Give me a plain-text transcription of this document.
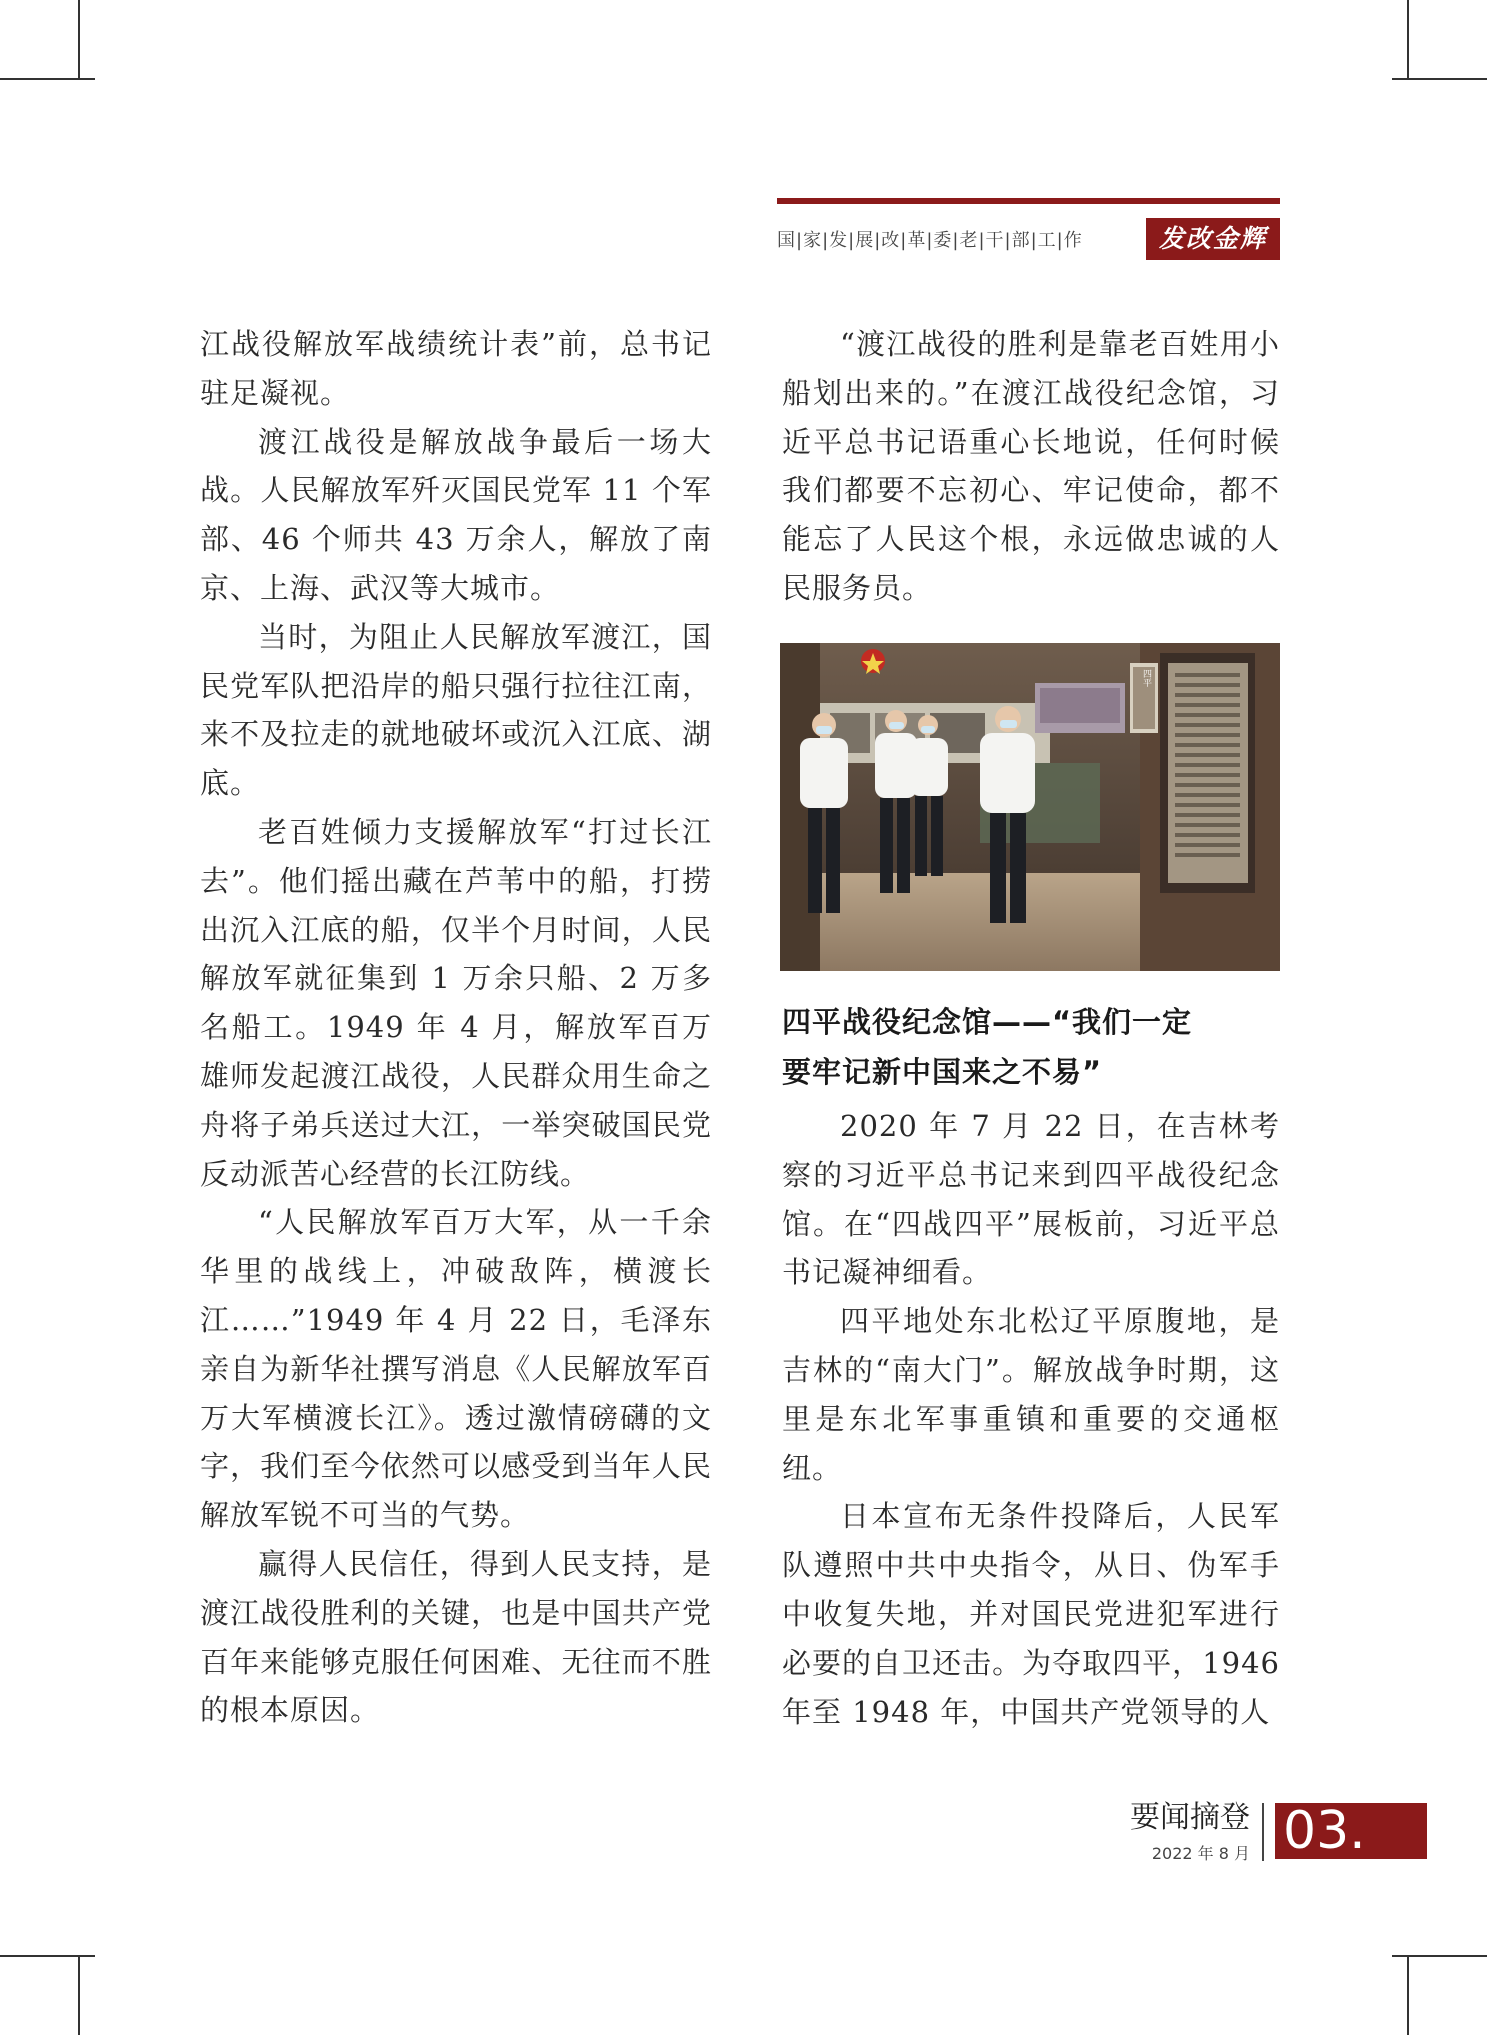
国|家|发|展|改|革|委|老|干|部|工|作	发改金辉

江战役解放军战绩统计表”前，总书记驻足凝视。

渡江战役是解放战争最后一场大战。人民解放军歼灭国民党军 11 个军部、46 个师共 43 万余人，解放了南京、上海、武汉等大城市。

当时，为阻止人民解放军渡江，国民党军队把沿岸的船只强行拉往江南，来不及拉走的就地破坏或沉入江底、湖底。

老百姓倾力支援解放军“打过长江去”。他们摇出藏在芦苇中的船，打捞出沉入江底的船，仅半个月时间，人民解放军就征集到 1 万余只船、2 万多名船工。1949 年 4 月，解放军百万雄师发起渡江战役，人民群众用生命之舟将子弟兵送过大江，一举突破国民党反动派苦心经营的长江防线。

“人民解放军百万大军，从一千余华里的战线上，冲破敌阵，横渡长江……”1949 年 4 月 22 日，毛泽东亲自为新华社撰写消息《人民解放军百万大军横渡长江》。透过激情磅礴的文字，我们至今依然可以感受到当年人民解放军锐不可当的气势。

赢得人民信任，得到人民支持，是渡江战役胜利的关键，也是中国共产党百年来能够克服任何困难、无往而不胜的根本原因。

“渡江战役的胜利是靠老百姓用小船划出来的。”在渡江战役纪念馆，习近平总书记语重心长地说，任何时候我们都要不忘初心、牢记使命，都不能忘了人民这个根，永远做忠诚的人民服务员。

四平
四平战役纪念馆——“我们一定
要牢记新中国来之不易”

2020 年 7 月 22 日，在吉林考察的习近平总书记来到四平战役纪念馆。在“四战四平”展板前，习近平总书记凝神细看。

四平地处东北松辽平原腹地，是吉林的“南大门”。解放战争时期，这里是东北军事重镇和重要的交通枢纽。

日本宣布无条件投降后，人民军队遵照中共中央指令，从日、伪军手中收复失地，并对国民党进犯军进行必要的自卫还击。为夺取四平，1946 年至 1948 年，中国共产党领导的人

要闻摘登
2022 年 8 月 03.
